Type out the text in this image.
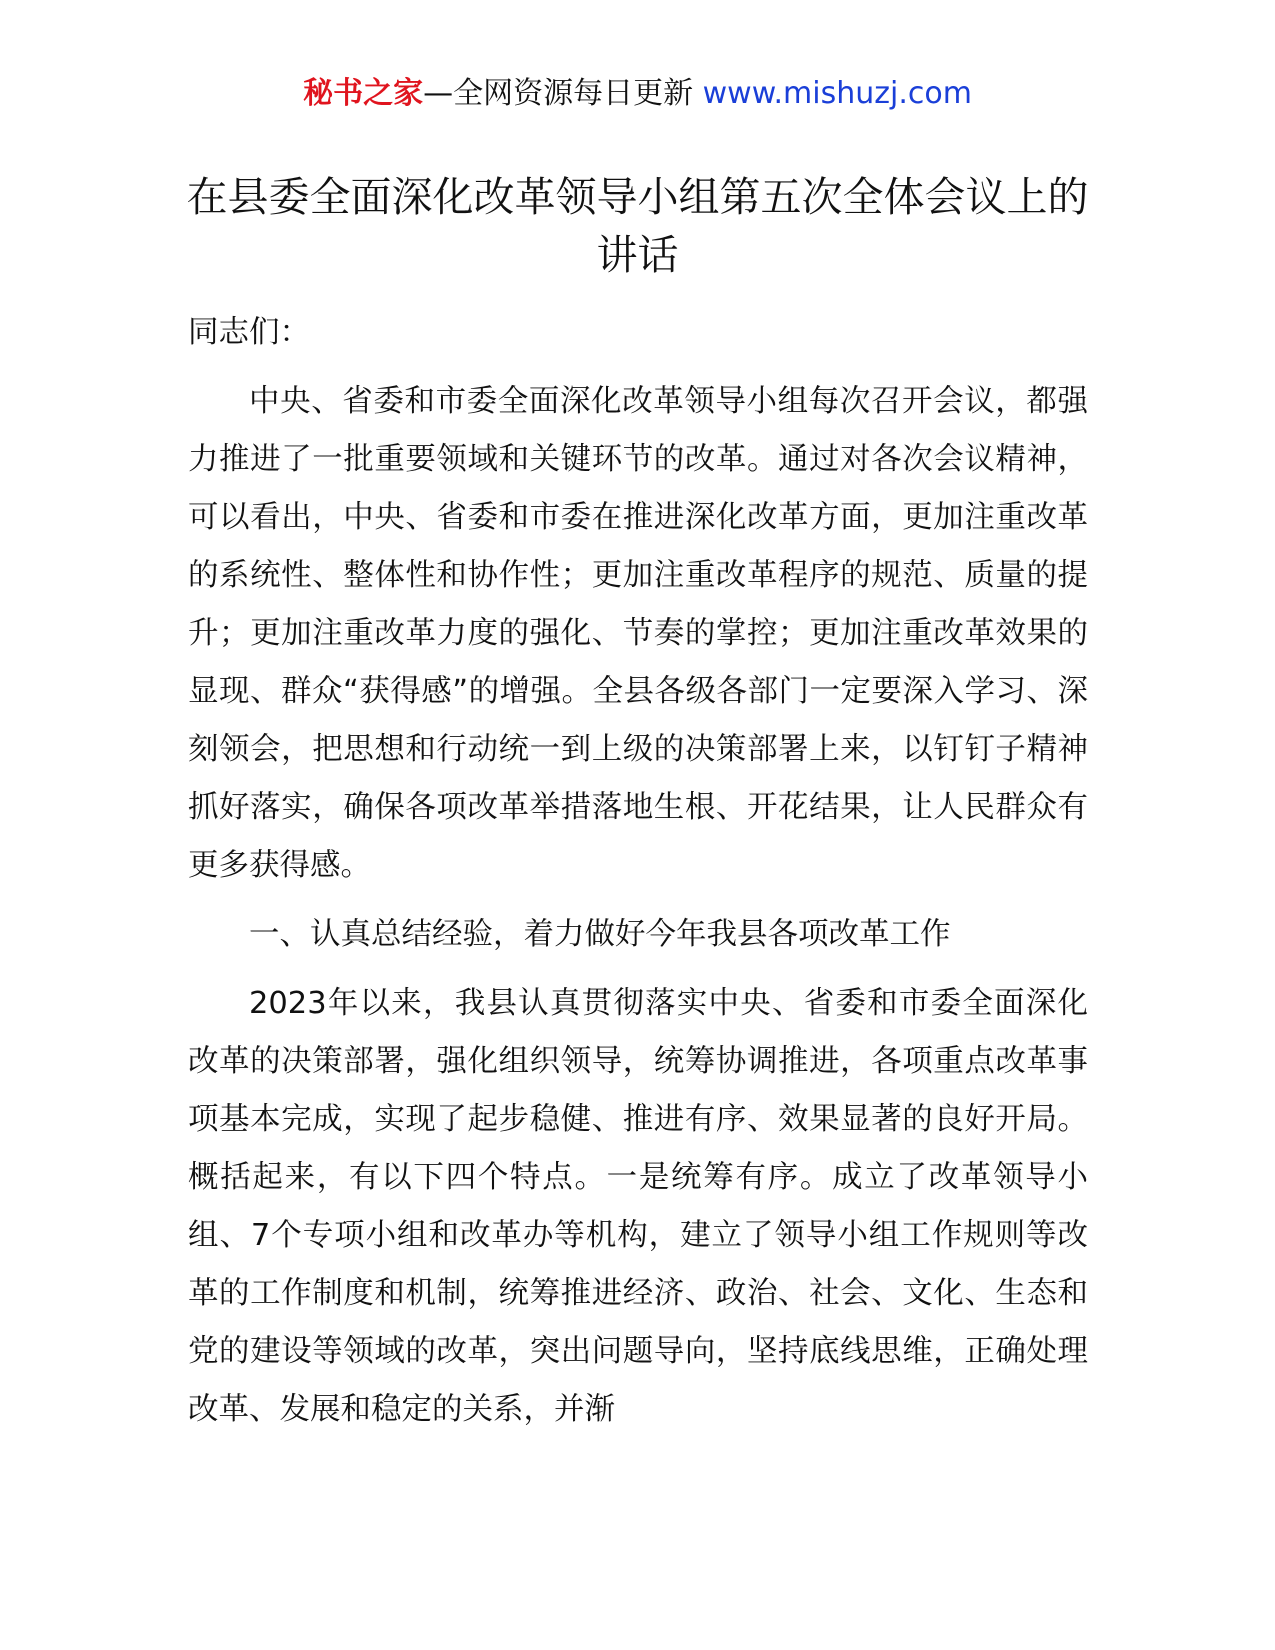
秘书之家—全网资源每日更新 www.mishuzj.com
在县委全面深化改革领导小组第五次全体会议上的讲话

同志们：

中央、省委和市委全面深化改革领导小组每次召开会议，都强力推进了一批重要领域和关键环节的改革。通过对各次会议精神，可以看出，中央、省委和市委在推进深化改革方面，更加注重改革的系统性、整体性和协作性；更加注重改革程序的规范、质量的提升；更加注重改革力度的强化、节奏的掌控；更加注重改革效果的显现、群众“获得感”的增强。全县各级各部门一定要深入学习、深刻领会，把思想和行动统一到上级的决策部署上来，以钉钉子精神抓好落实，确保各项改革举措落地生根、开花结果，让人民群众有更多获得感。

一、认真总结经验，着力做好今年我县各项改革工作

2023年以来，我县认真贯彻落实中央、省委和市委全面深化改革的决策部署，强化组织领导，统筹协调推进，各项重点改革事项基本完成，实现了起步稳健、推进有序、效果显著的良好开局。概括起来，有以下四个特点。一是统筹有序。成立了改革领导小组、7个专项小组和改革办等机构，建立了领导小组工作规则等改革的工作制度和机制，统筹推进经济、政治、社会、文化、生态和党的建设等领域的改革，突出问题导向，坚持底线思维，正确处理改革、发展和稳定的关系，并渐
